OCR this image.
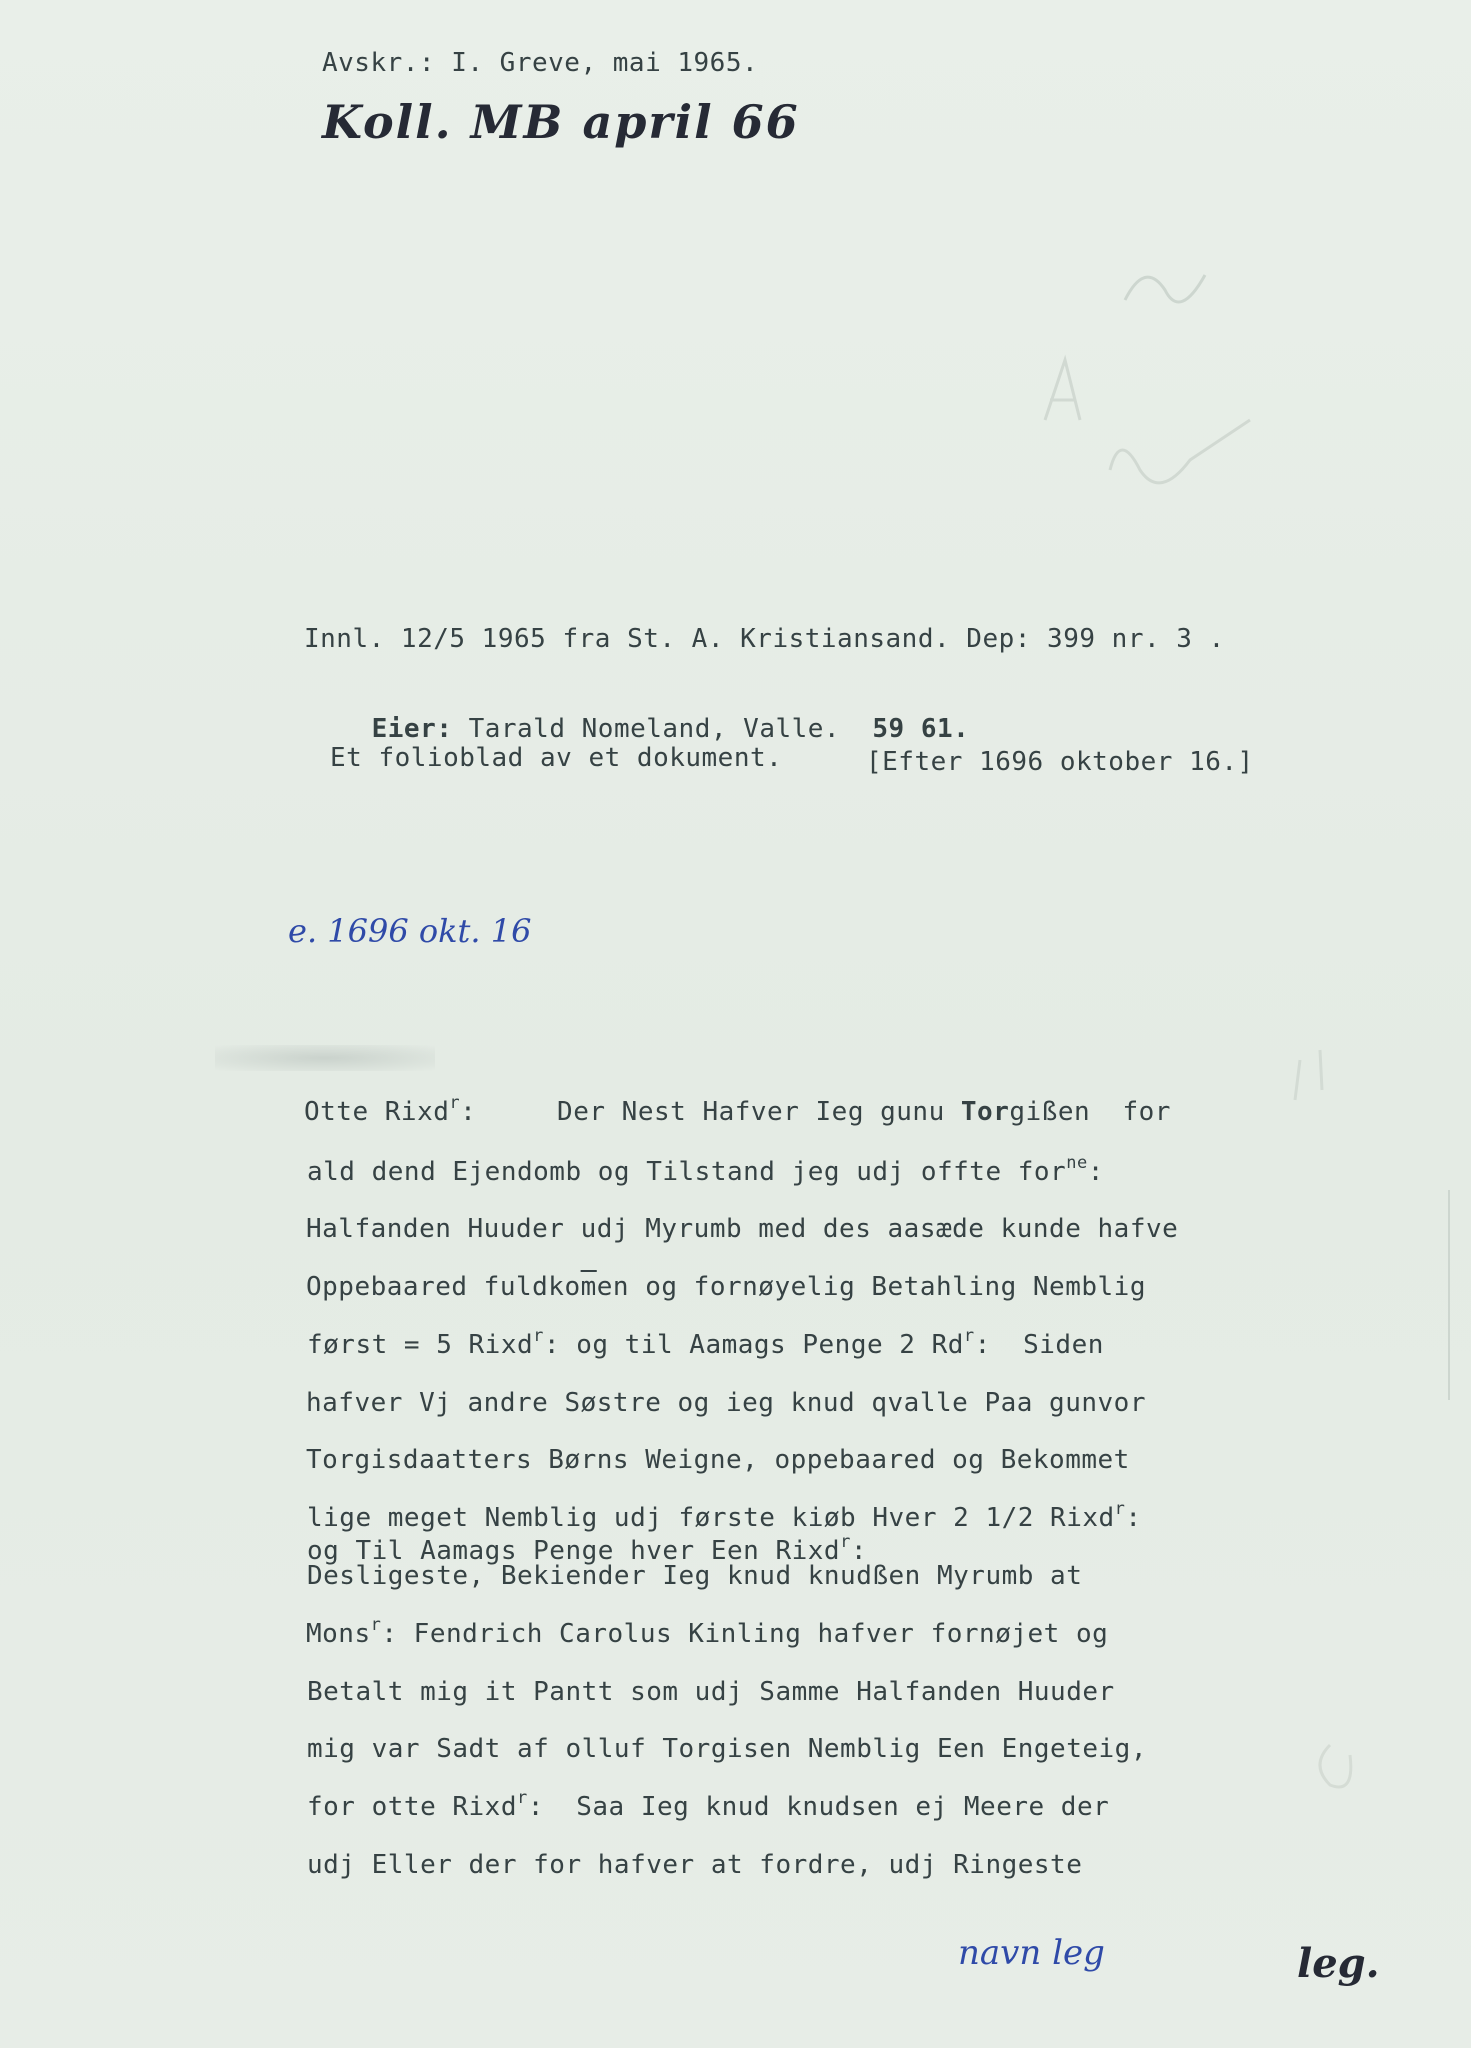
Avskr.: I. Greve, mai 1965.
Koll. MB april 66
Innl. 12/5 1965 fra St. A. Kristiansand. Dep: 399 nr. 3 .

Eier: Tarald Nomeland, Valle. 59 61.

Et folioblad av et dokument.	[Efter 1696 oktober 16.]
e. 1696 okt. 16
Otte Rixd$^r$:     Der Nest Hafver Ieg gunu Torgißen  for
ald dend Ejendomb og Tilstand jeg udj offte for$^{ne}$:
Halfanden Huuder udj Myrumb med des aasæde kunde hafve
Oppebaared $fuldko\overline{m}en$ og fornøyelig Betahling Nemblig
først = 5 Rixd$^r$: og til Aamags Penge 2 Rd$^r$:  Siden
hafver Vj andre Søstre og ieg knud qvalle Paa gunvor
Torgisdaatters Børns Weigne, oppebaared og Bekommet
lige meget Nemblig udj første kiøb Hver 2 1/2 Rixd$^r$:
og Til Aamags Penge hver Een Rixd$^r$:
Desligeste, Bekiender Ieg knud knudßen Myrumb at
Mons$^r$: Fendrich Carolus Kinling hafver fornøjet og
Betalt mig it Pantt som udj Samme Halfanden Huuder
mig var Sadt af olluf Torgisen Nemblig Een Engeteig,
for otte Rixd$^r$:  Saa Ieg knud knudsen ej Meere der
udj Eller der for hafver at fordre, udj Ringeste
navn leg	leg.
